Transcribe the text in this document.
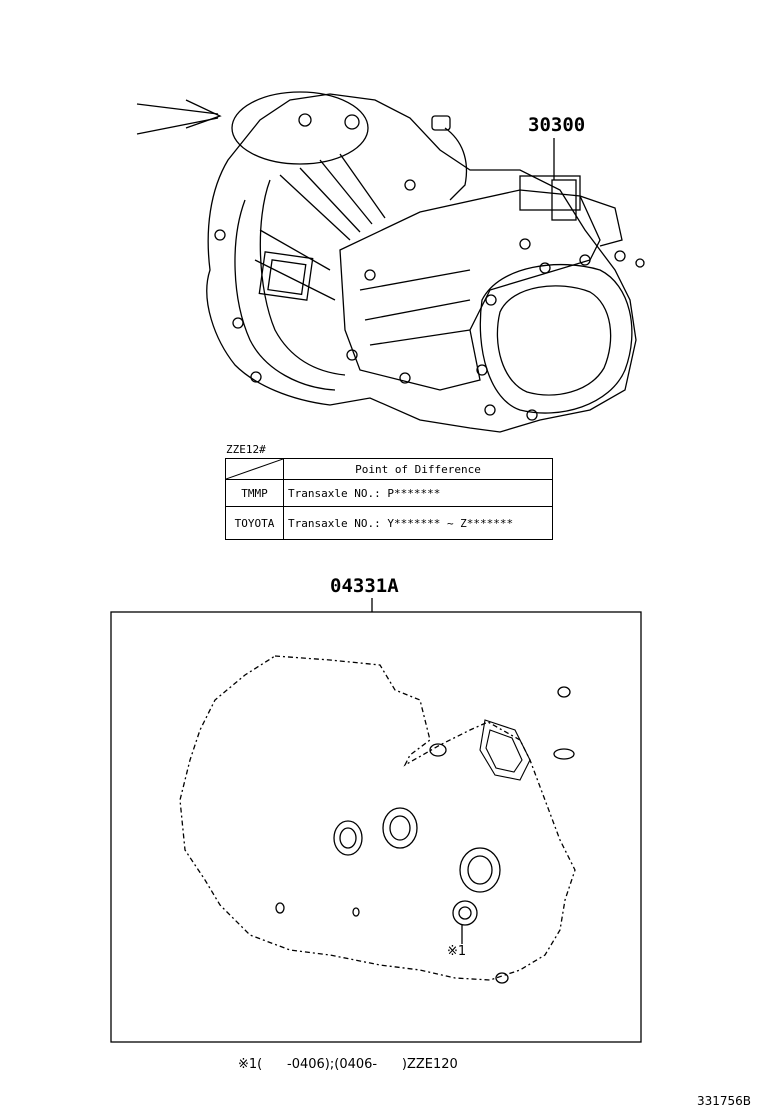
30300
04331A
ZZE12#
	Point of Difference
TMMP	Transaxle NO.: P*******
TOYOTA	Transaxle NO.: Y******* ~ Z*******
※1
※1(      -0406);(0406-      )ZZE120
331756B
